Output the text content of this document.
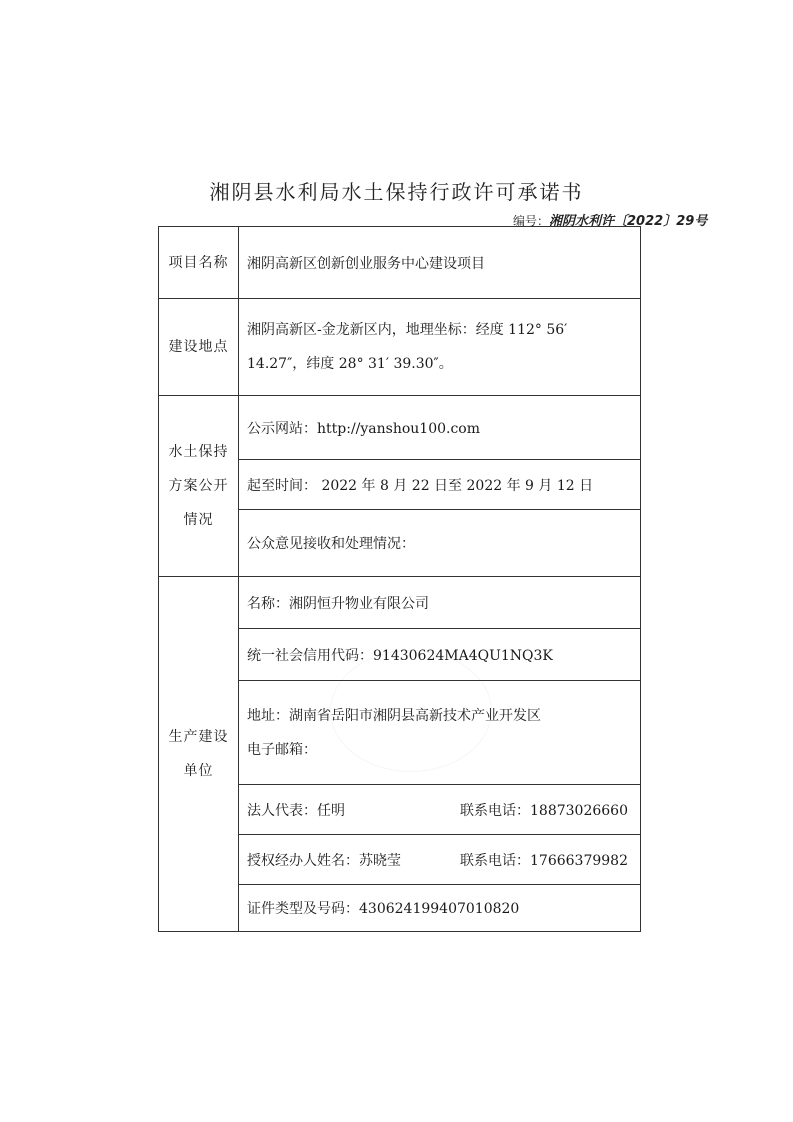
湘阴县水利局水土保持行政许可承诺书
编号：湘阴水利许〔2022〕29号
项目名称	湘阴高新区创新创业服务中心建设项目
建设地点	湘阴高新区-金龙新区内，地理坐标：经度 112° 56′
14.27″，纬度 28° 31′ 39.30″。

水土保持
方案公开
情况	公示网站：http://yanshou100.com
	起至时间： 2022 年 8 月 22 日至 2022 年 9 月 12 日
	公众意见接收和处理情况：

生产建设
单位	名称：湘阴恒升物业有限公司
	统一社会信用代码：91430624MA4QU1NQ3K

	地址：湖南省岳阳市湘阴县高新技术产业开发区
电子邮箱：

	法人代表：任明 联系电话：18873026660

	授权经办人姓名：苏晓莹 联系电话：17666379982

	证件类型及号码：430624199407010820
